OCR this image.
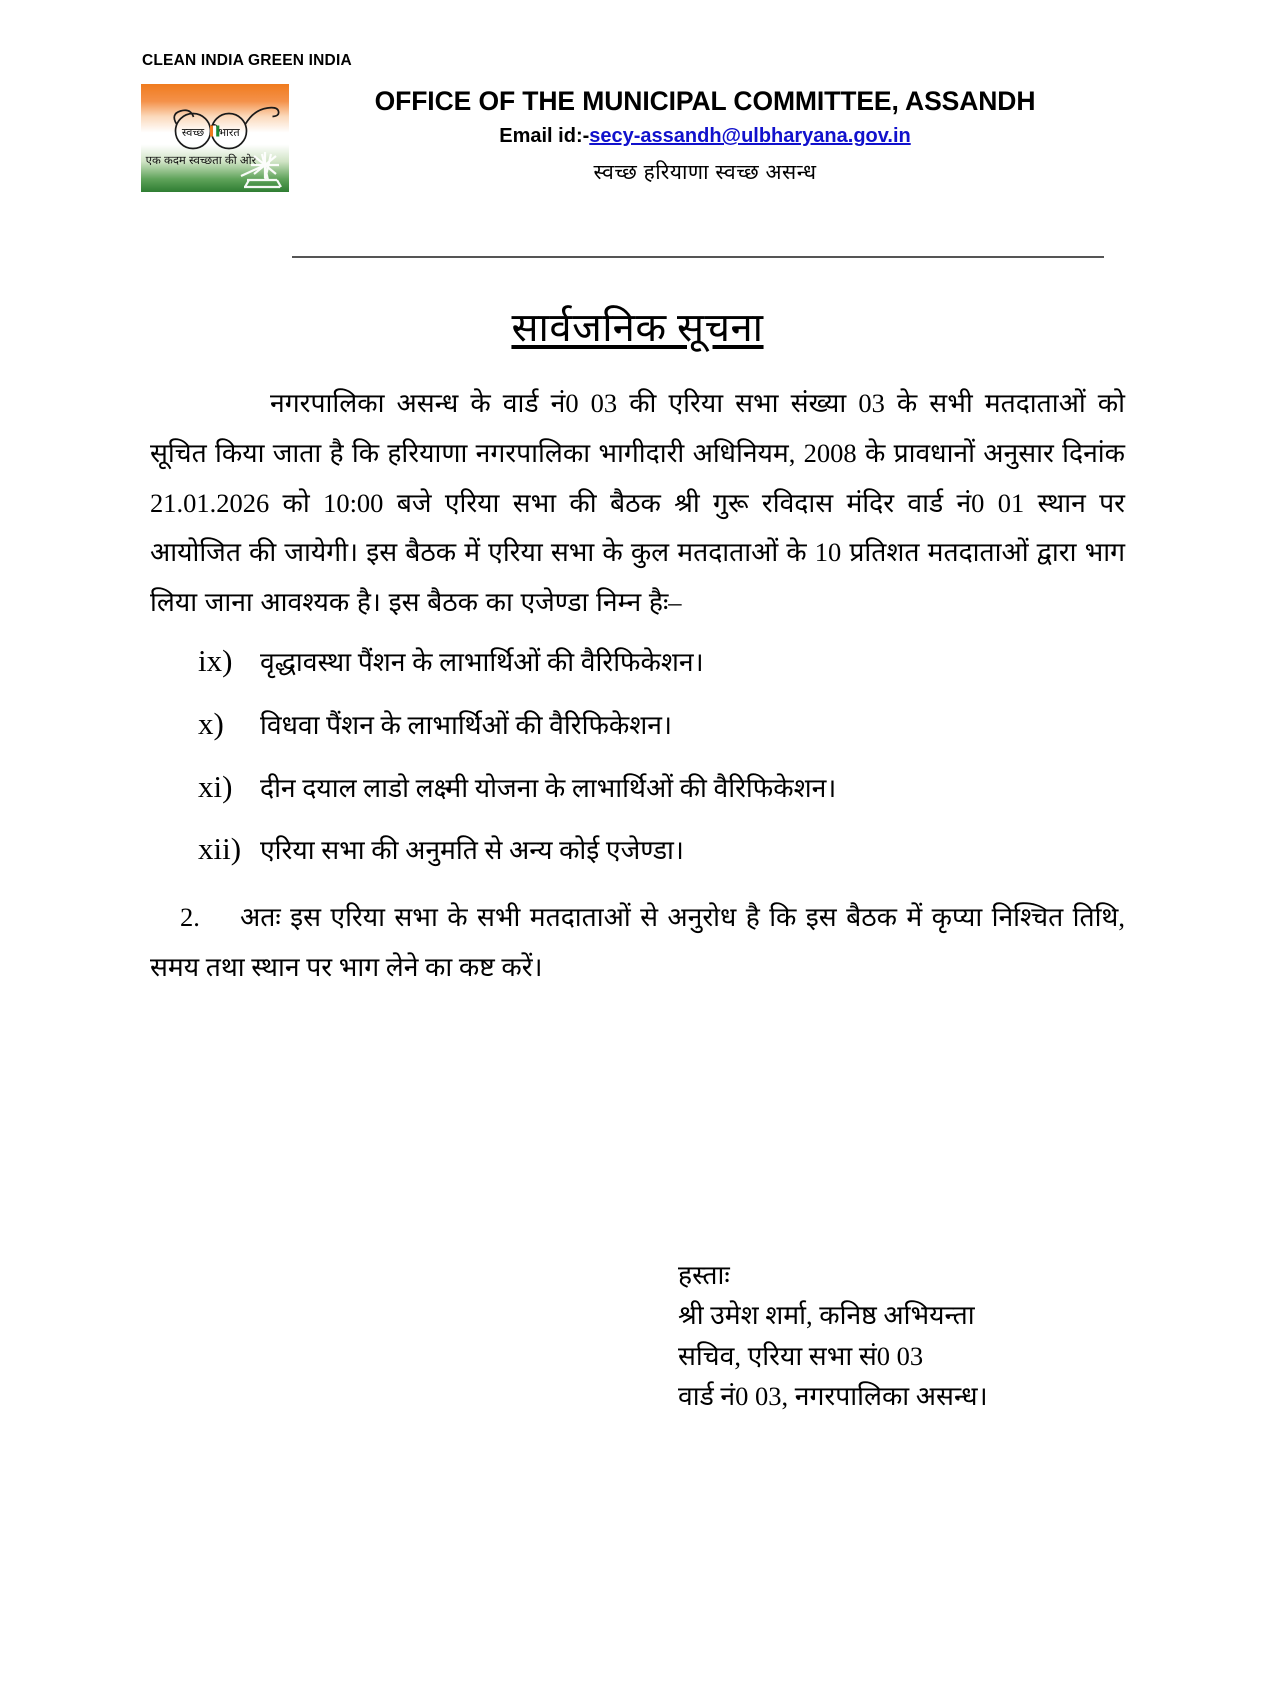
CLEAN INDIA GREEN INDIA
स्वच्छ भारत
एक कदम स्वच्छता की ओर
OFFICE OF THE MUNICIPAL COMMITTEE, ASSANDH
Email id:-secy-assandh@ulbharyana.gov.in
स्वच्छ हरियाणा स्वच्छ असन्ध
सार्वजनिक सूचना

नगरपालिका असन्ध के वार्ड नं0 03 की एरिया सभा संख्या 03 के सभी मतदाताओं को सूचित किया जाता है कि हरियाणा नगरपालिका भागीदारी अधिनियम, 2008 के प्रावधानों अनुसार दिनांक 21.01.2026 को 10:00 बजे एरिया सभा की बैठक श्री गुरू रविदास मंदिर वार्ड नं0 01 स्थान पर आयोजित की जायेगी। इस बैठक में एरिया सभा के कुल मतदाताओं के 10 प्रतिशत मतदाताओं द्वारा भाग लिया जाना आवश्यक है। इस बैठक का एजेण्डा निम्न हैः–

ix)	वृद्धावस्था पैंशन के लाभार्थिओं की वैरिफिकेशन।
x)	विधवा पैंशन के लाभार्थिओं की वैरिफिकेशन।
xi)	दीन दयाल लाडो लक्ष्मी योजना के लाभार्थिओं की वैरिफिकेशन।
xii) एरिया सभा की अनुमति से अन्य कोई एजेण्डा।

2. अतः इस एरिया सभा के सभी मतदाताओं से अनुरोध है कि इस बैठक में कृप्या निश्चित तिथि, समय तथा स्थान पर भाग लेने का कष्ट करें।

हस्ताः
श्री उमेश शर्मा, कनिष्ठ अभियन्ता
सचिव, एरिया सभा सं0 03
वार्ड नं0 03, नगरपालिका असन्ध।
